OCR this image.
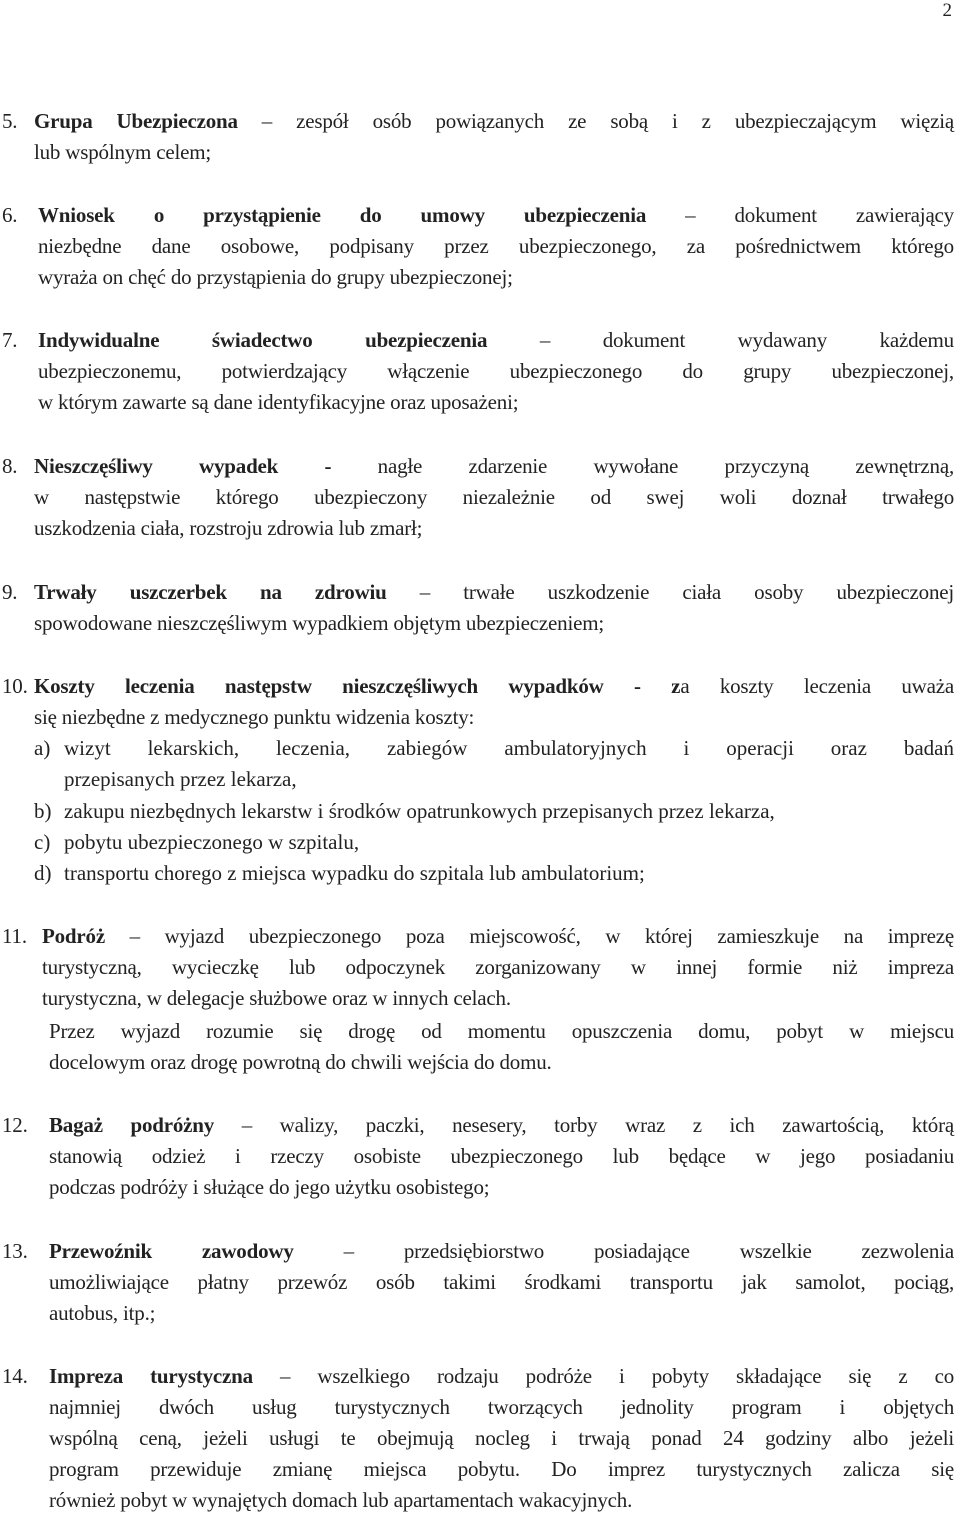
2
5. Grupa Ubezpieczona – zespół osób powiązanych ze sobą i z ubezpieczającym więzią
lub wspólnym celem;
6. Wniosek o przystąpienie do umowy ubezpieczenia – dokument zawierający
niezbędne dane osobowe, podpisany przez ubezpieczonego, za pośrednictwem którego
wyraża on chęć do przystąpienia do grupy ubezpieczonej;
7. Indywidualne świadectwo ubezpieczenia – dokument wydawany każdemu
ubezpieczonemu, potwierdzający włączenie ubezpieczonego do grupy ubezpieczonej,
w którym zawarte są dane identyfikacyjne oraz uposażeni;
8. Nieszczęśliwy wypadek - nagłe zdarzenie wywołane przyczyną zewnętrzną,
w następstwie którego ubezpieczony niezależnie od swej woli doznał trwałego
uszkodzenia ciała, rozstroju zdrowia lub zmarł;
9. Trwały uszczerbek na zdrowiu – trwałe uszkodzenie ciała osoby ubezpieczonej
spowodowane nieszczęśliwym wypadkiem objętym ubezpieczeniem;
10. Koszty leczenia następstw nieszczęśliwych wypadków - za koszty leczenia uważa
się niezbędne z medycznego punktu widzenia koszty:
a) wizyt lekarskich, leczenia, zabiegów ambulatoryjnych i operacji oraz badań
przepisanych przez lekarza,
b) zakupu niezbędnych lekarstw i środków opatrunkowych przepisanych przez lekarza,
c) pobytu ubezpieczonego w szpitalu,
d) transportu chorego z miejsca wypadku do szpitala lub ambulatorium;
11. Podróż – wyjazd ubezpieczonego poza miejscowość, w której zamieszkuje na imprezę
turystyczną, wycieczkę lub odpoczynek zorganizowany w innej formie niż impreza
turystyczna, w delegacje służbowe oraz w innych celach.
Przez wyjazd rozumie się drogę od momentu opuszczenia domu, pobyt w miejscu
docelowym oraz drogę powrotną do chwili wejścia do domu.
12. Bagaż podróżny – walizy, paczki, nesesery, torby wraz z ich zawartością, którą
stanowią odzież i rzeczy osobiste ubezpieczonego lub będące w jego posiadaniu
podczas podróży i służące do jego użytku osobistego;
13. Przewoźnik zawodowy – przedsiębiorstwo posiadające wszelkie zezwolenia
umożliwiające płatny przewóz osób takimi środkami transportu jak samolot, pociąg,
autobus, itp.;
14. Impreza turystyczna – wszelkiego rodzaju podróże i pobyty składające się z co
najmniej dwóch usług turystycznych tworzących jednolity program i objętych
wspólną ceną, jeżeli usługi te obejmują nocleg i trwają ponad 24 godziny albo jeżeli
program przewiduje zmianę miejsca pobytu. Do imprez turystycznych zalicza się
również pobyt w wynajętych domach lub apartamentach wakacyjnych.
